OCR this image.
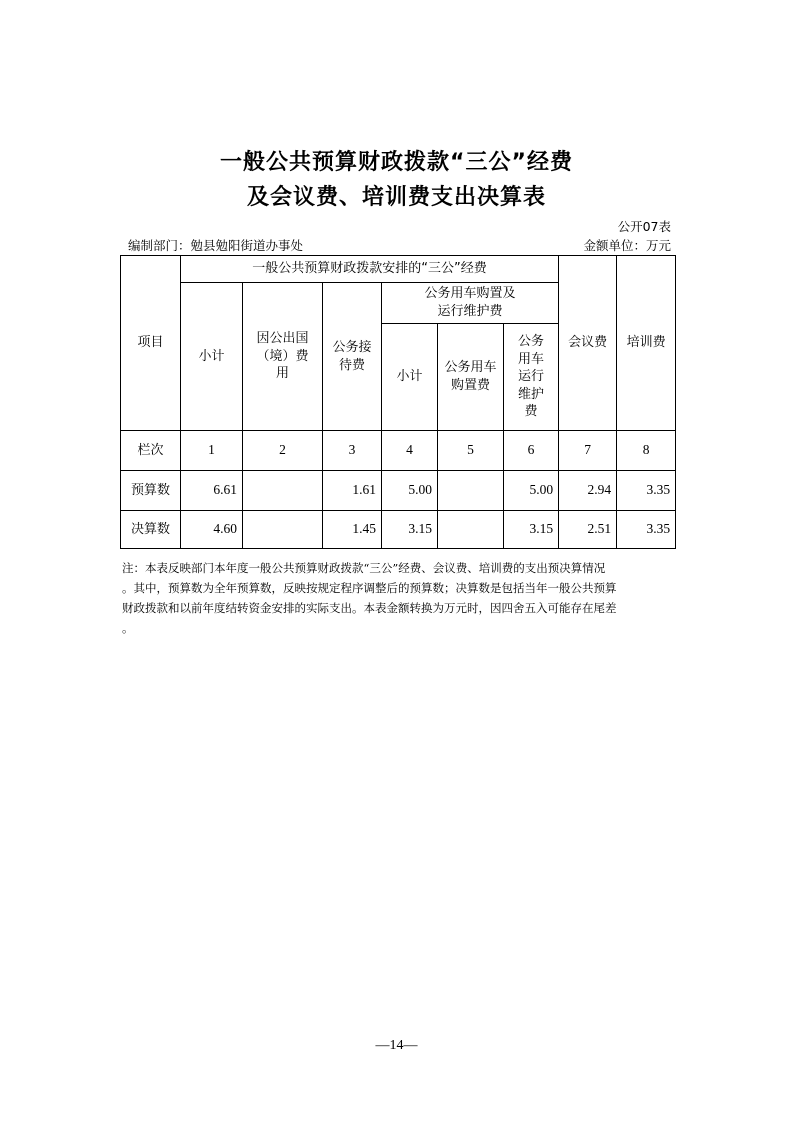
一般公共预算财政拨款“三公”经费
及会议费、培训费支出决算表
公开07表
编制部门：勉县勉阳街道办事处	金额单位：万元
项目	一般公共预算财政拨款安排的“三公”经费						会议费	培训费
	小计	因公出国（境）费用	公务接待费	公务用车购置及运行维护费				
				小计	公务用车购置费	公务用车运行维护费		
栏次	1	2	3	4	5	6	7	8
预算数	6.61		1.61	5.00		5.00	2.94	3.35
决算数	4.60		1.45	3.15		3.15	2.51	3.35
注：本表反映部门本年度一般公共预算财政拨款“三公”经费、会议费、培训费的支出预决算情况
。其中，预算数为全年预算数，反映按规定程序调整后的预算数；决算数是包括当年一般公共预算
财政拨款和以前年度结转资金安排的实际支出。本表金额转换为万元时，因四舍五入可能存在尾差
。
—14—
